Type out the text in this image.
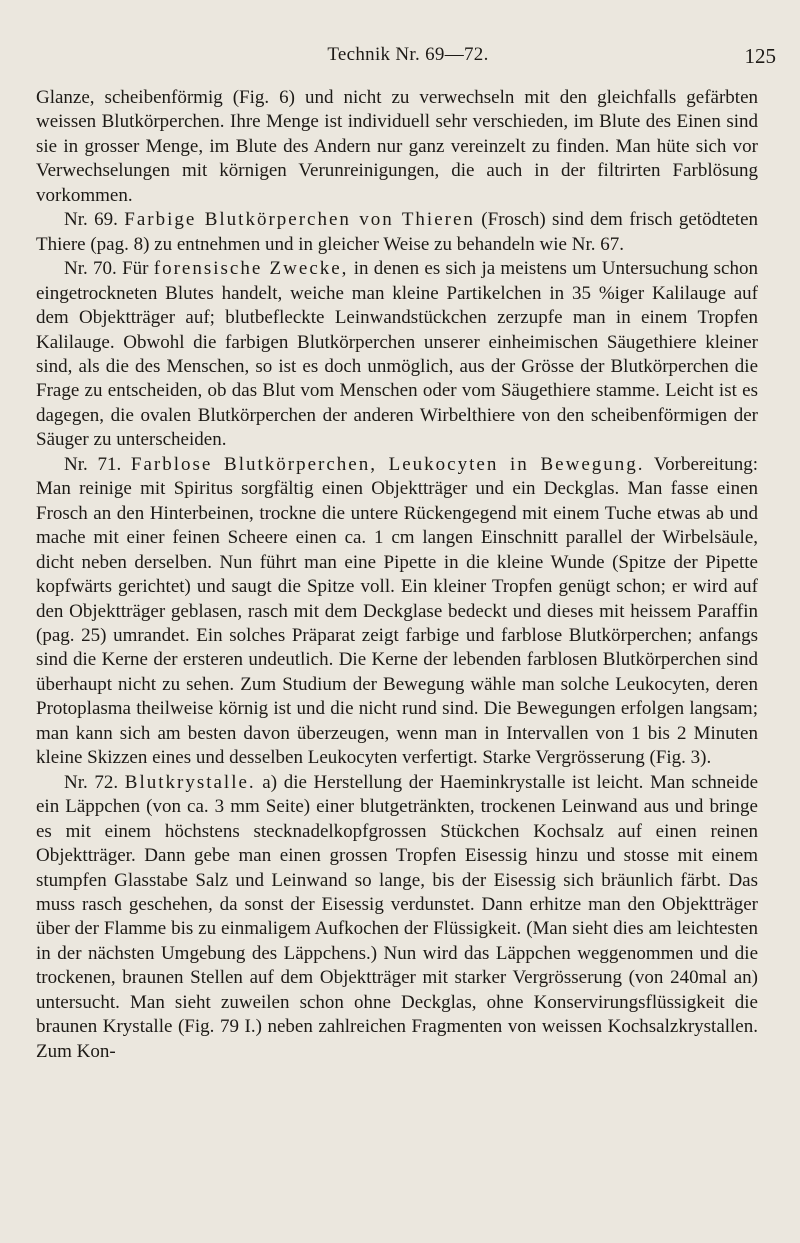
Technik Nr. 69—72.	125

Glanze, scheibenförmig (Fig. 6) und nicht zu verwechseln mit den gleichfalls gefärbten weissen Blutkörperchen. Ihre Menge ist individuell sehr verschieden, im Blute des Einen sind sie in grosser Menge, im Blute des Andern nur ganz vereinzelt zu finden. Man hüte sich vor Verwechselungen mit körnigen Verunreinigungen, die auch in der filtrirten Farblösung vorkommen.

Nr. 69. Farbige Blutkörperchen von Thieren (Frosch) sind dem frisch getödteten Thiere (pag. 8) zu entnehmen und in gleicher Weise zu behandeln wie Nr. 67.

Nr. 70. Für forensische Zwecke, in denen es sich ja meistens um Untersuchung schon eingetrockneten Blutes handelt, weiche man kleine Partikelchen in 35 %iger Kalilauge auf dem Objektträger auf; blutbefleckte Leinwandstückchen zerzupfe man in einem Tropfen Kalilauge. Obwohl die farbigen Blutkörperchen unserer einheimischen Säugethiere kleiner sind, als die des Menschen, so ist es doch unmöglich, aus der Grösse der Blutkörperchen die Frage zu entscheiden, ob das Blut vom Menschen oder vom Säugethiere stamme. Leicht ist es dagegen, die ovalen Blutkörperchen der anderen Wirbelthiere von den scheibenförmigen der Säuger zu unterscheiden.

Nr. 71. Farblose Blutkörperchen, Leukocyten in Bewegung. Vorbereitung: Man reinige mit Spiritus sorgfältig einen Objektträger und ein Deckglas. Man fasse einen Frosch an den Hinterbeinen, trockne die untere Rückengegend mit einem Tuche etwas ab und mache mit einer feinen Scheere einen ca. 1 cm langen Einschnitt parallel der Wirbelsäule, dicht neben derselben. Nun führt man eine Pipette in die kleine Wunde (Spitze der Pipette kopfwärts gerichtet) und saugt die Spitze voll. Ein kleiner Tropfen genügt schon; er wird auf den Objektträger geblasen, rasch mit dem Deckglase bedeckt und dieses mit heissem Paraffin (pag. 25) umrandet. Ein solches Präparat zeigt farbige und farblose Blutkörperchen; anfangs sind die Kerne der ersteren undeutlich. Die Kerne der lebenden farblosen Blutkörperchen sind überhaupt nicht zu sehen. Zum Studium der Bewegung wähle man solche Leukocyten, deren Protoplasma theilweise körnig ist und die nicht rund sind. Die Bewegungen erfolgen langsam; man kann sich am besten davon überzeugen, wenn man in Intervallen von 1 bis 2 Minuten kleine Skizzen eines und desselben Leukocyten verfertigt. Starke Vergrösserung (Fig. 3).

Nr. 72. Blutkrystalle. a) die Herstellung der Haeminkrystalle ist leicht. Man schneide ein Läppchen (von ca. 3 mm Seite) einer blutgetränkten, trockenen Leinwand aus und bringe es mit einem höchstens stecknadelkopfgrossen Stückchen Kochsalz auf einen reinen Objektträger. Dann gebe man einen grossen Tropfen Eisessig hinzu und stosse mit einem stumpfen Glasstabe Salz und Leinwand so lange, bis der Eisessig sich bräunlich färbt. Das muss rasch geschehen, da sonst der Eisessig verdunstet. Dann erhitze man den Objektträger über der Flamme bis zu einmaligem Aufkochen der Flüssigkeit. (Man sieht dies am leichtesten in der nächsten Umgebung des Läppchens.) Nun wird das Läppchen weggenommen und die trockenen, braunen Stellen auf dem Objektträger mit starker Vergrösserung (von 240mal an) untersucht. Man sieht zuweilen schon ohne Deckglas, ohne Konservirungsflüssigkeit die braunen Krystalle (Fig. 79 I.) neben zahlreichen Fragmenten von weissen Kochsalzkrystallen. Zum Kon-
